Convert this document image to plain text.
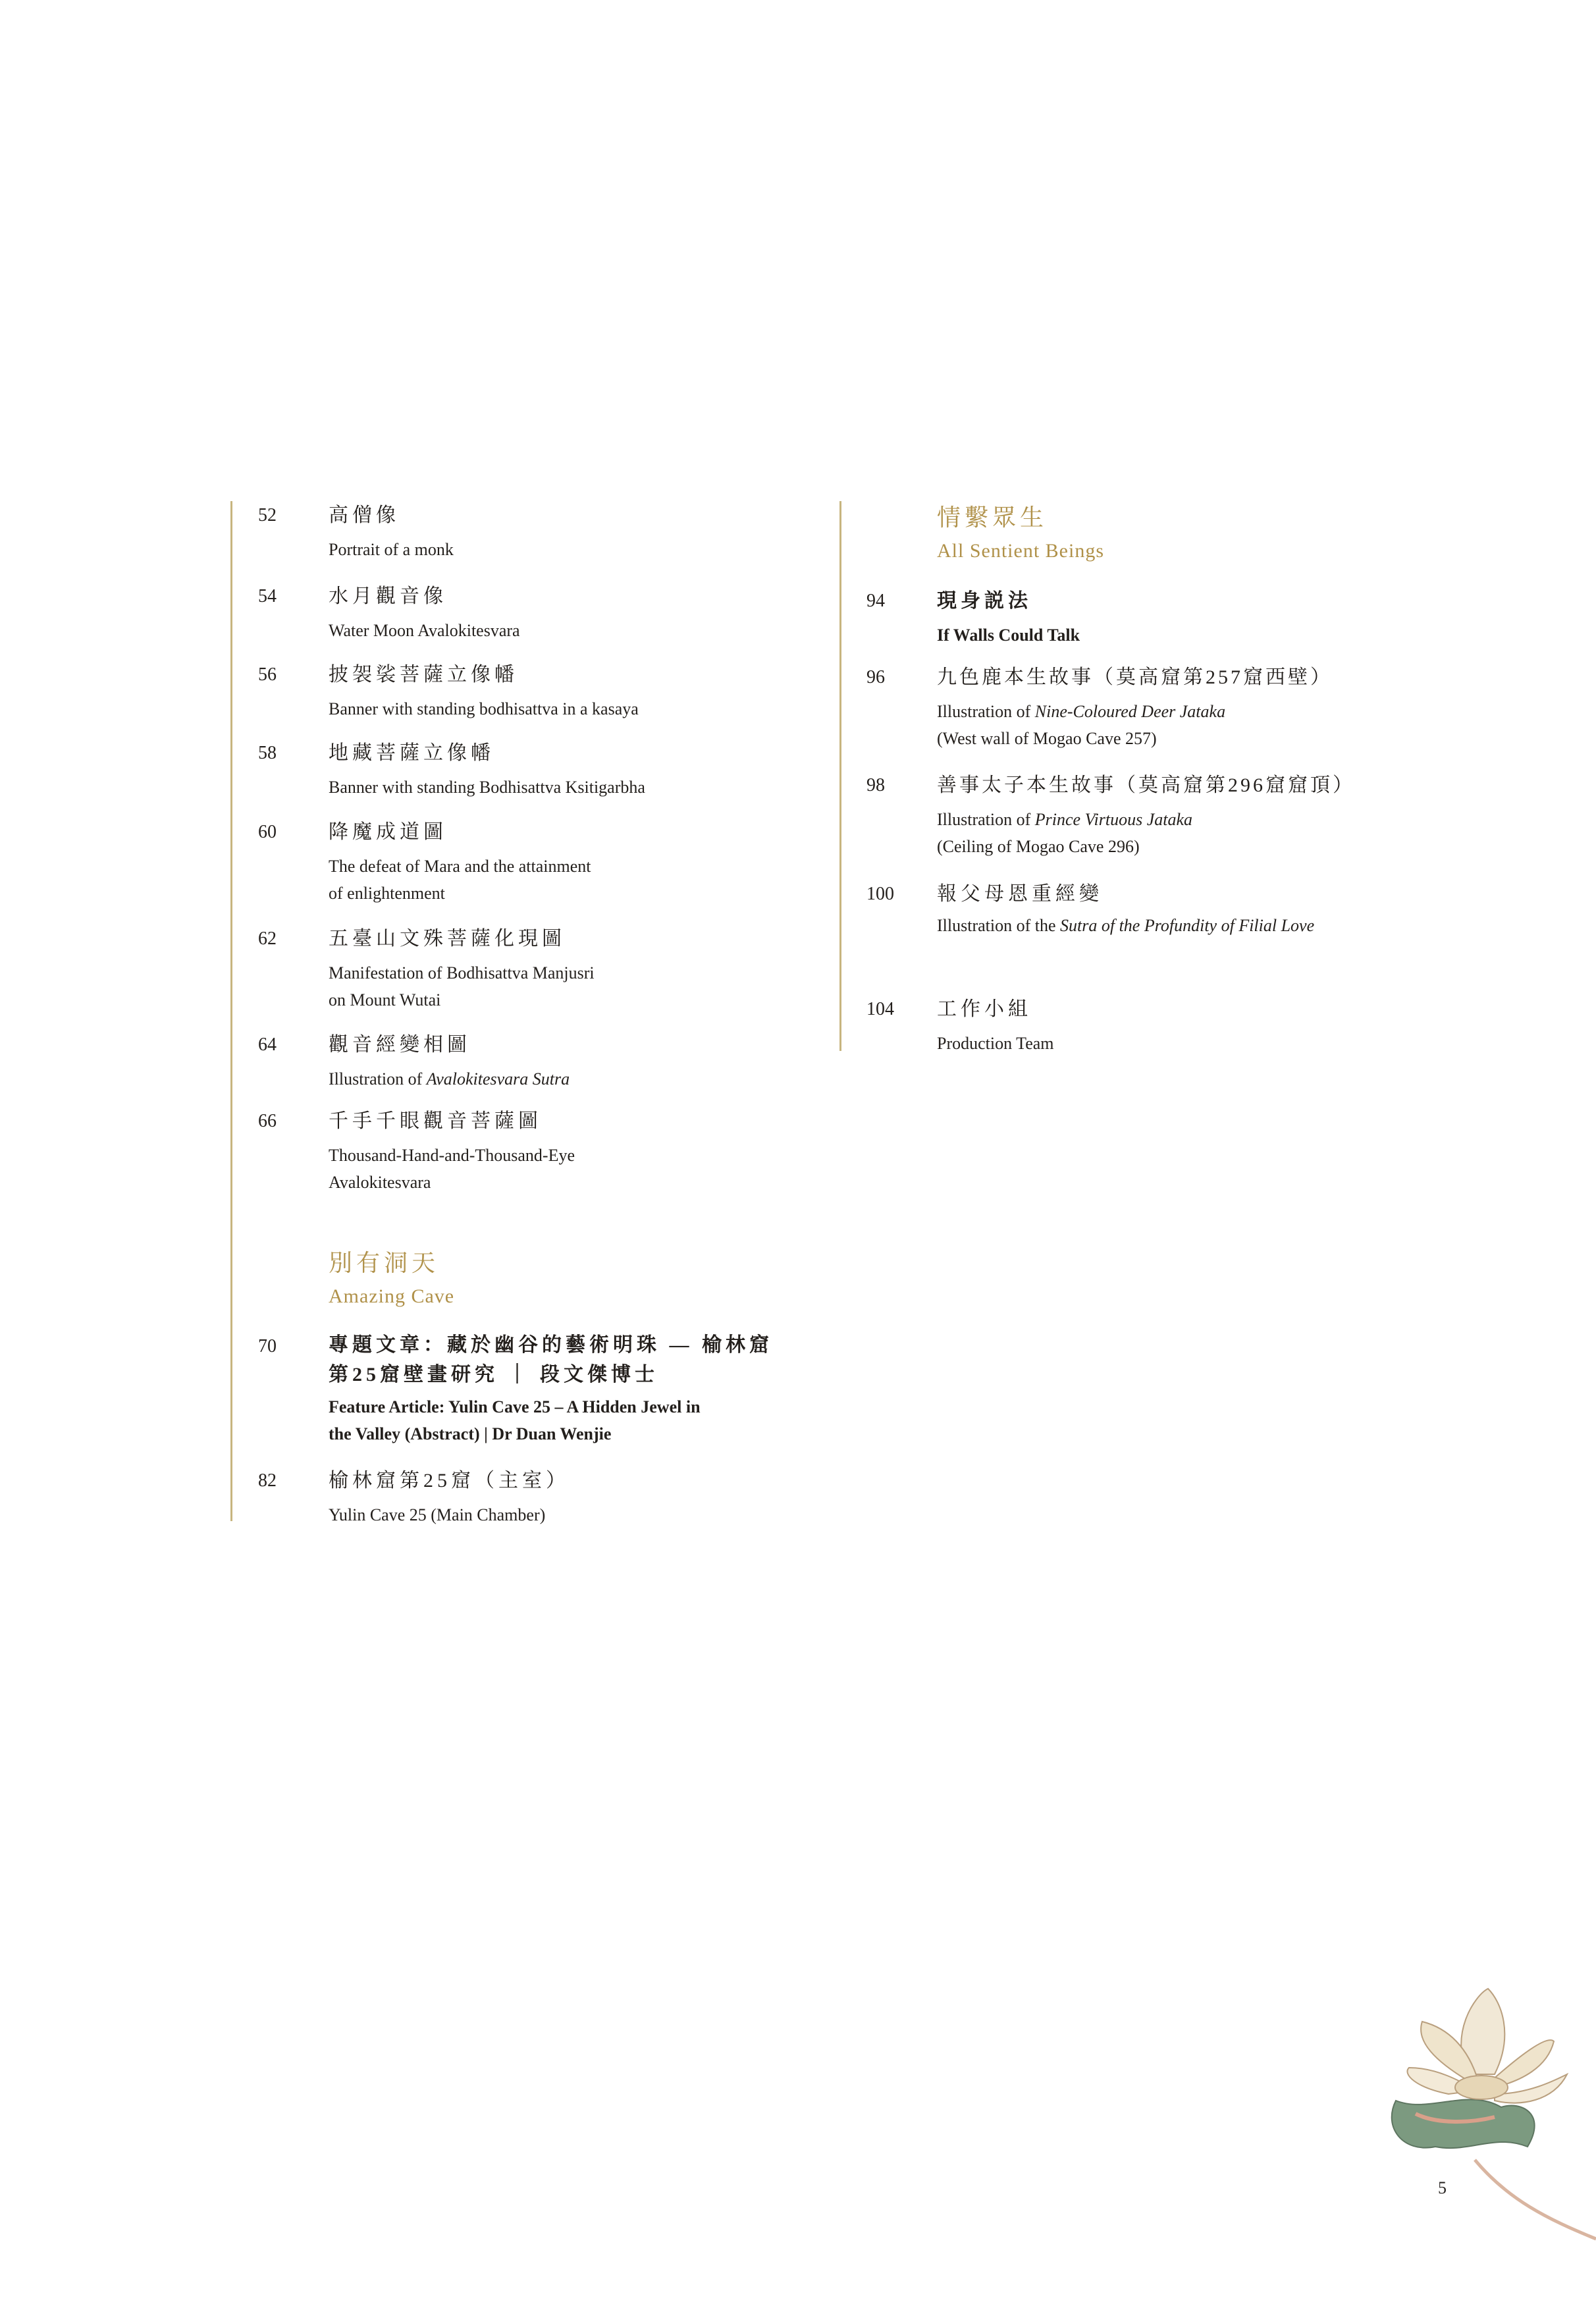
52	高僧像
Portrait of a monk
54	水月觀音像
Water Moon Avalokitesvara
56	披袈裟菩薩立像幡
Banner with standing bodhisattva in a kasaya
58	地藏菩薩立像幡
Banner with standing Bodhisattva Ksitigarbha
60	降魔成道圖
The defeat of Mara and the attainment
of enlightenment
62	五臺山文殊菩薩化現圖
Manifestation of Bodhisattva Manjusri
on Mount Wutai
64	觀音經變相圖
Illustration of Avalokitesvara Sutra
66	千手千眼觀音菩薩圖
Thousand-Hand-and-Thousand-Eye
Avalokitesvara
別有洞天
Amazing Cave
70	專題文章：藏於幽谷的藝術明珠 — 榆林窟
第25窟壁畫研究 ｜ 段文傑博士
Feature Article: Yulin Cave 25 – A Hidden Jewel in
the Valley (Abstract) | Dr Duan Wenjie
82	榆林窟第25窟（主室）
Yulin Cave 25 (Main Chamber)
情繫眾生
All Sentient Beings
94	現身説法
If Walls Could Talk
96	九色鹿本生故事（莫高窟第257窟西壁）
Illustration of Nine-Coloured Deer Jataka
(West wall of Mogao Cave 257)
98	善事太子本生故事（莫高窟第296窟窟頂）
Illustration of Prince Virtuous Jataka
(Ceiling of Mogao Cave 296)
100	報父母恩重經變
Illustration of the Sutra of the Profundity of Filial Love
104	工作小組
Production Team
5
